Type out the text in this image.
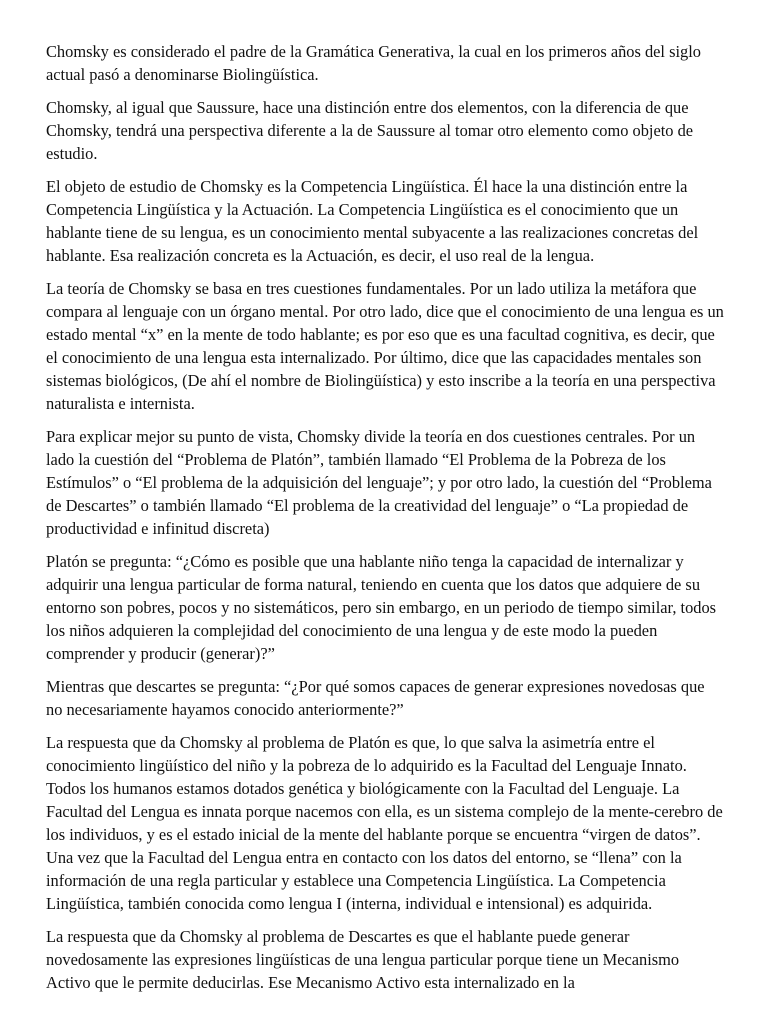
Chomsky es considerado el padre de la Gramática Generativa, la cual en los primeros años del siglo actual pasó a denominarse Biolingüística.

Chomsky, al igual que Saussure, hace una distinción entre dos elementos, con la diferencia de que Chomsky, tendrá una perspectiva diferente a la de Saussure al tomar otro elemento como objeto de estudio.

El objeto de estudio de Chomsky es la Competencia Lingüística. Él hace la una distinción entre la Competencia Lingüística y la Actuación. La Competencia Lingüística es el conocimiento que un hablante tiene de su lengua, es un conocimiento mental subyacente a las realizaciones concretas del hablante. Esa realización concreta es la Actuación, es decir, el uso real de la lengua.

La teoría de Chomsky se basa en tres cuestiones fundamentales. Por un lado utiliza la metáfora que compara al lenguaje con un órgano mental. Por otro lado, dice que el conocimiento de una lengua es un estado mental “x” en la mente de todo hablante; es por eso que es una facultad cognitiva, es decir, que el conocimiento de una lengua esta internalizado. Por último, dice que las capacidades mentales son sistemas biológicos, (De ahí el nombre de Biolingüística) y esto inscribe a la teoría en una perspectiva naturalista e internista.

Para explicar mejor su punto de vista, Chomsky divide la teoría en dos cuestiones centrales. Por un lado la cuestión del “Problema de Platón”, también llamado “El Problema de la Pobreza de los Estímulos” o “El problema de la adquisición del lenguaje”; y por otro lado, la cuestión del “Problema de Descartes” o también llamado “El problema de la creatividad del lenguaje” o “La propiedad de productividad e infinitud discreta)

Platón se pregunta: “¿Cómo es posible que una hablante niño tenga la capacidad de internalizar y adquirir una lengua particular de forma natural, teniendo en cuenta que los datos que adquiere de su entorno son pobres, pocos y no sistemáticos, pero sin embargo, en un periodo de tiempo similar, todos los niños adquieren la complejidad del conocimiento de una lengua y de este modo la pueden comprender y producir (generar)?”

Mientras que descartes se pregunta: “¿Por qué somos capaces de generar expresiones novedosas que no necesariamente hayamos conocido anteriormente?”

La respuesta que da Chomsky al problema de Platón es que, lo que salva la asimetría entre el conocimiento lingüístico del niño y la pobreza de lo adquirido es la Facultad del Lenguaje Innato. Todos los humanos estamos dotados genética y biológicamente con la Facultad del Lenguaje. La Facultad del Lengua es innata porque nacemos con ella, es un sistema complejo de la mente-cerebro de los individuos, y es el estado inicial de la mente del hablante porque se encuentra “virgen de datos”. Una vez que la Facultad del Lengua entra en contacto con los datos del entorno, se “llena” con la información de una regla particular y establece una Competencia Lingüística. La Competencia Lingüística, también conocida como lengua I (interna, individual e intensional) es adquirida.

La respuesta que da Chomsky al problema de Descartes es que el hablante puede generar novedosamente las expresiones lingüísticas de una lengua particular porque tiene un Mecanismo Activo que le permite deducirlas. Ese Mecanismo Activo esta internalizado en la
